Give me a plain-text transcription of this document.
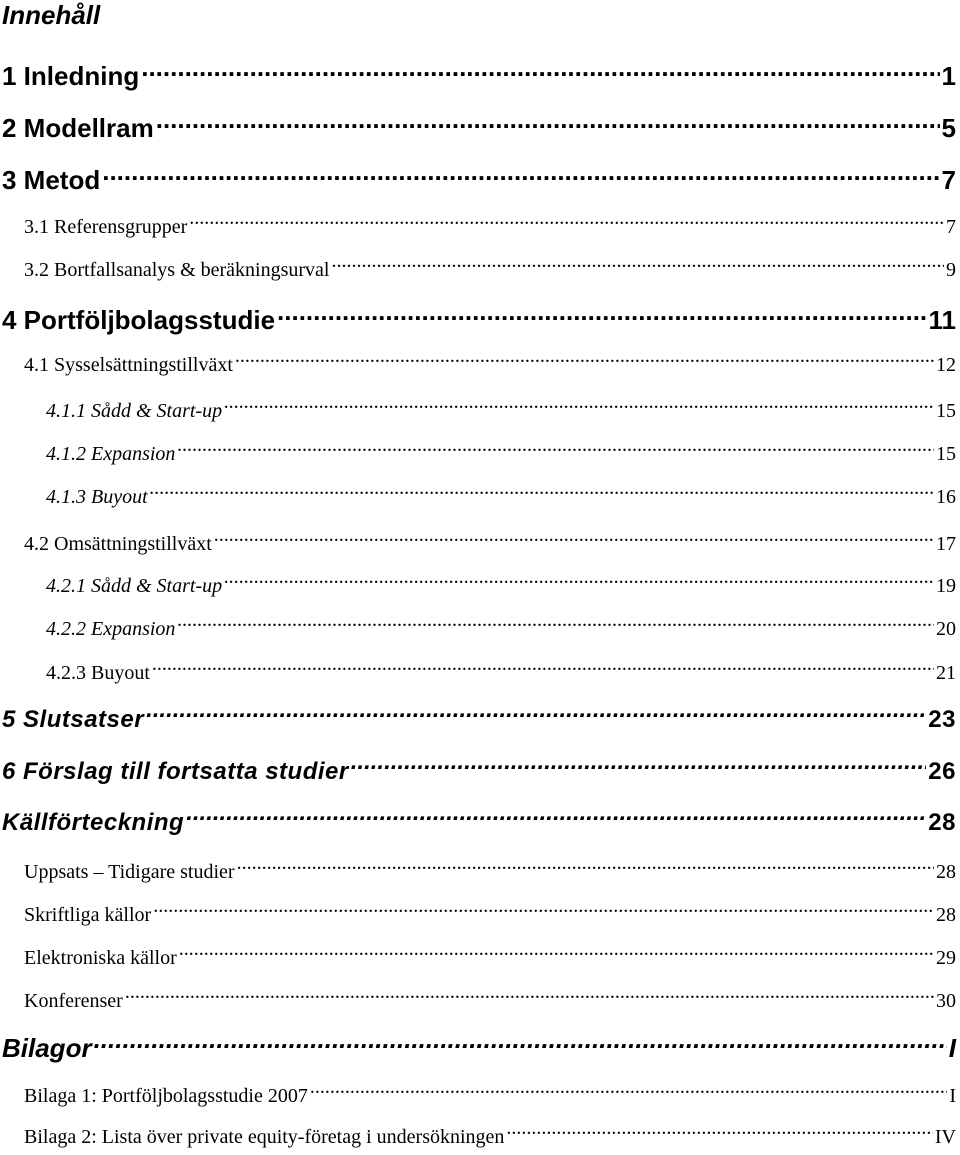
Innehåll
1 Inledning .....	1
2 Modellram .....	5
3 Metod .....	7
3.1 Referensgrupper .....	7
3.2 Bortfallsanalys & beräkningsurval .....	9
4 Portföljbolagsstudie .....	11
4.1 Sysselsättningstillväxt .....	12
4.1.1 Sådd & Start-up .....	15
4.1.2 Expansion .....	15
4.1.3 Buyout .....	16
4.2 Omsättningstillväxt .....	17
4.2.1 Sådd & Start-up .....	19
4.2.2 Expansion .....	20
4.2.3 Buyout .....	21
5 Slutsatser .....	23
6 Förslag till fortsatta studier .....	26
Källförteckning .....	28
Uppsats – Tidigare studier .....	28
Skriftliga källor .....	28
Elektroniska källor .....	29
Konferenser .....	30
Bilagor .....	I
Bilaga 1: Portföljbolagsstudie 2007 .....	I
Bilaga 2: Lista över private equity-företag i undersökningen .....	IV
